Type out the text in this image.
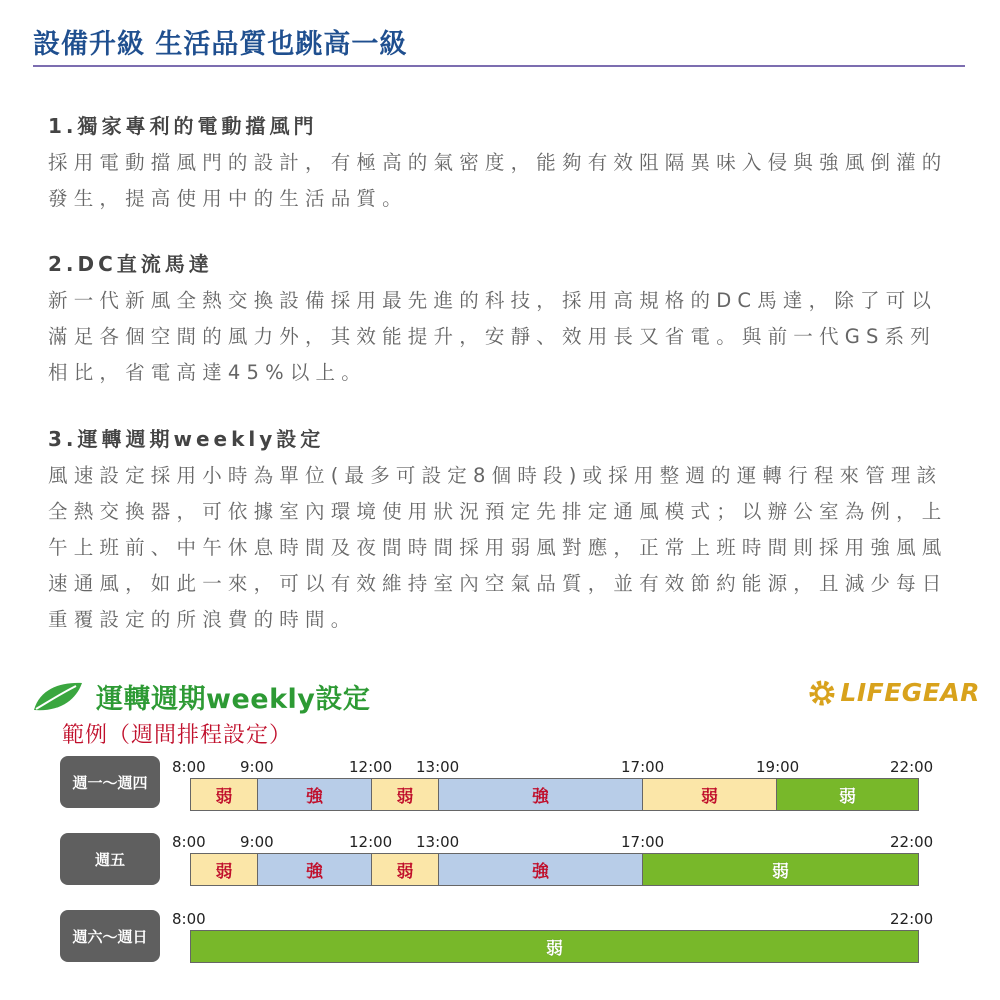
設備升級 生活品質也跳高一級
1.獨家專利的電動擋風門
採用電動擋風門的設計，有極高的氣密度，能夠有效阻隔異味入侵與強風倒灌的發生，提高使用中的生活品質。
2.DC直流馬達
新一代新風全熱交換設備採用最先進的科技，採用高規格的DC馬達，除了可以滿足各個空間的風力外，其效能提升，安靜、效用長又省電。與前一代GS系列相比，省電高達45%以上。
3.運轉週期weekly設定
風速設定採用小時為單位(最多可設定8個時段)或採用整週的運轉行程來管理該全熱交換器，可依據室內環境使用狀況預定先排定通風模式；以辦公室為例，上午上班前、中午休息時間及夜間時間採用弱風對應，正常上班時間則採用強風風速通風，如此一來，可以有效維持室內空氣品質，並有效節約能源，且減少每日重覆設定的所浪費的時間。
運轉週期weekly設定
範例（週間排程設定）
LIFEGEAR
週一～週四
8:00 9:00	12:00 13:00	17:00	19:00	22:00
弱	強	弱	強	弱	弱
週五
8:00 9:00	12:00 13:00	17:00	22:00
弱	強	弱	強	弱
週六～週日
8:00	22:00
弱
